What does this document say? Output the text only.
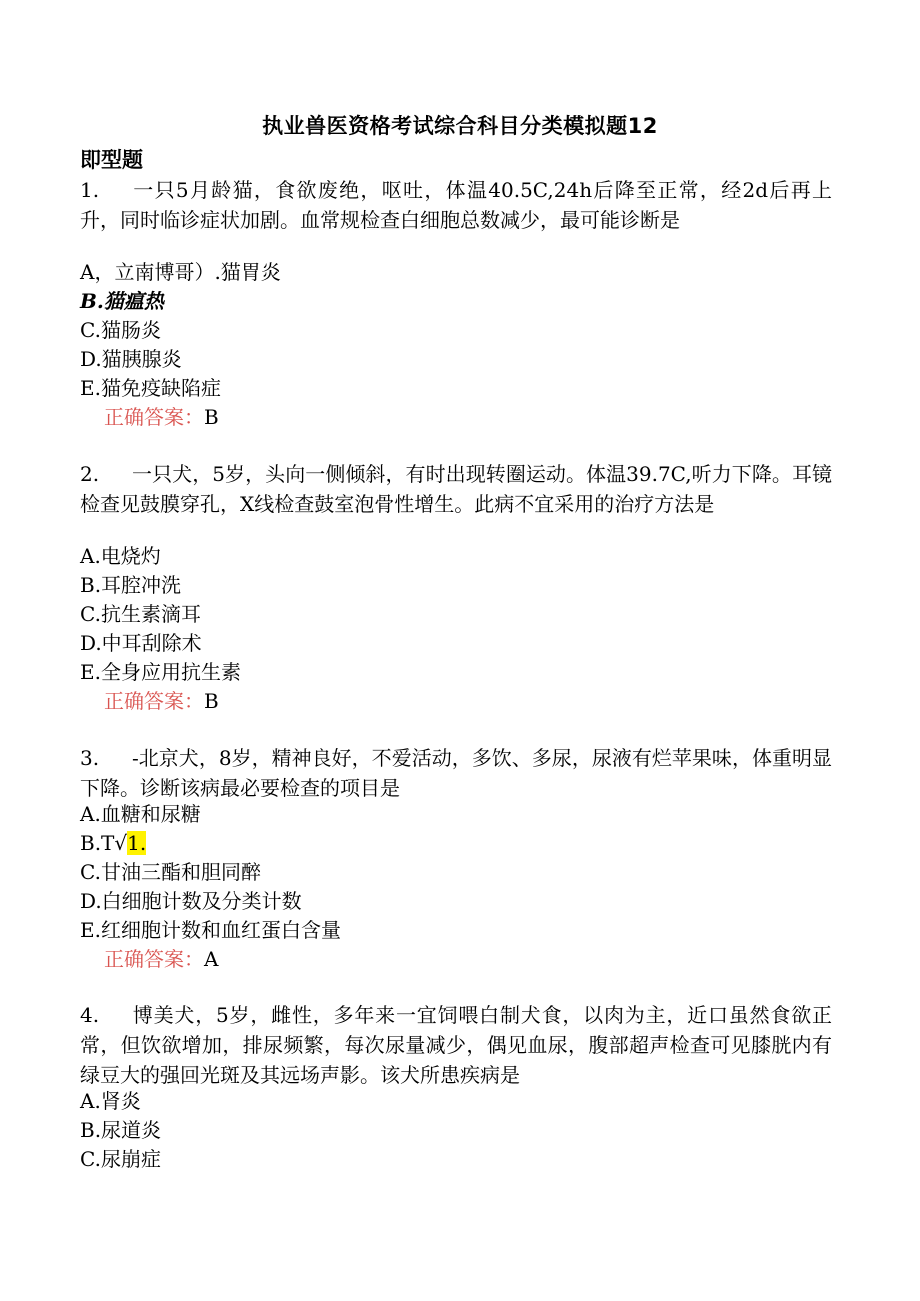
执业兽医资格考试综合科目分类模拟题12
即型题
1. 一只5月龄猫，食欲废绝，呕吐，体温40.5C,24h后降至正常，经2d后再上升，同时临诊症状加剧。血常规检查白细胞总数减少，最可能诊断是
A，立南博哥）.猫胃炎
B.猫瘟热
C.猫肠炎
D.猫胰腺炎
E.猫免疫缺陷症
正确答案：B
2. 一只犬，5岁，头向一侧倾斜，有时出现转圈运动。体温39.7C,听力下降。耳镜检查见鼓膜穿孔，X线检查鼓室泡骨性增生。此病不宜采用的治疗方法是
A.电烧灼
B.耳腔冲洗
C.抗生素滴耳
D.中耳刮除术
E.全身应用抗生素
正确答案：B
3. -北京犬，8岁，精神良好，不爱活动，多饮、多尿，尿液有烂苹果味，体重明显下降。诊断该病最必要检查的项目是
A.血糖和尿糖
B.T√1.
C.甘油三酯和胆同醉
D.白细胞计数及分类计数
E.红细胞计数和血红蛋白含量
正确答案：A
4. 博美犬，5岁，雌性，多年来一宜饲喂白制犬食，以肉为主，近口虽然食欲正常，但饮欲增加，排尿频繁，每次尿量减少，偶见血尿，腹部超声检查可见膝胱内有绿豆大的强回光斑及其远场声影。该犬所患疾病是
A.肾炎
B.尿道炎
C.尿崩症
